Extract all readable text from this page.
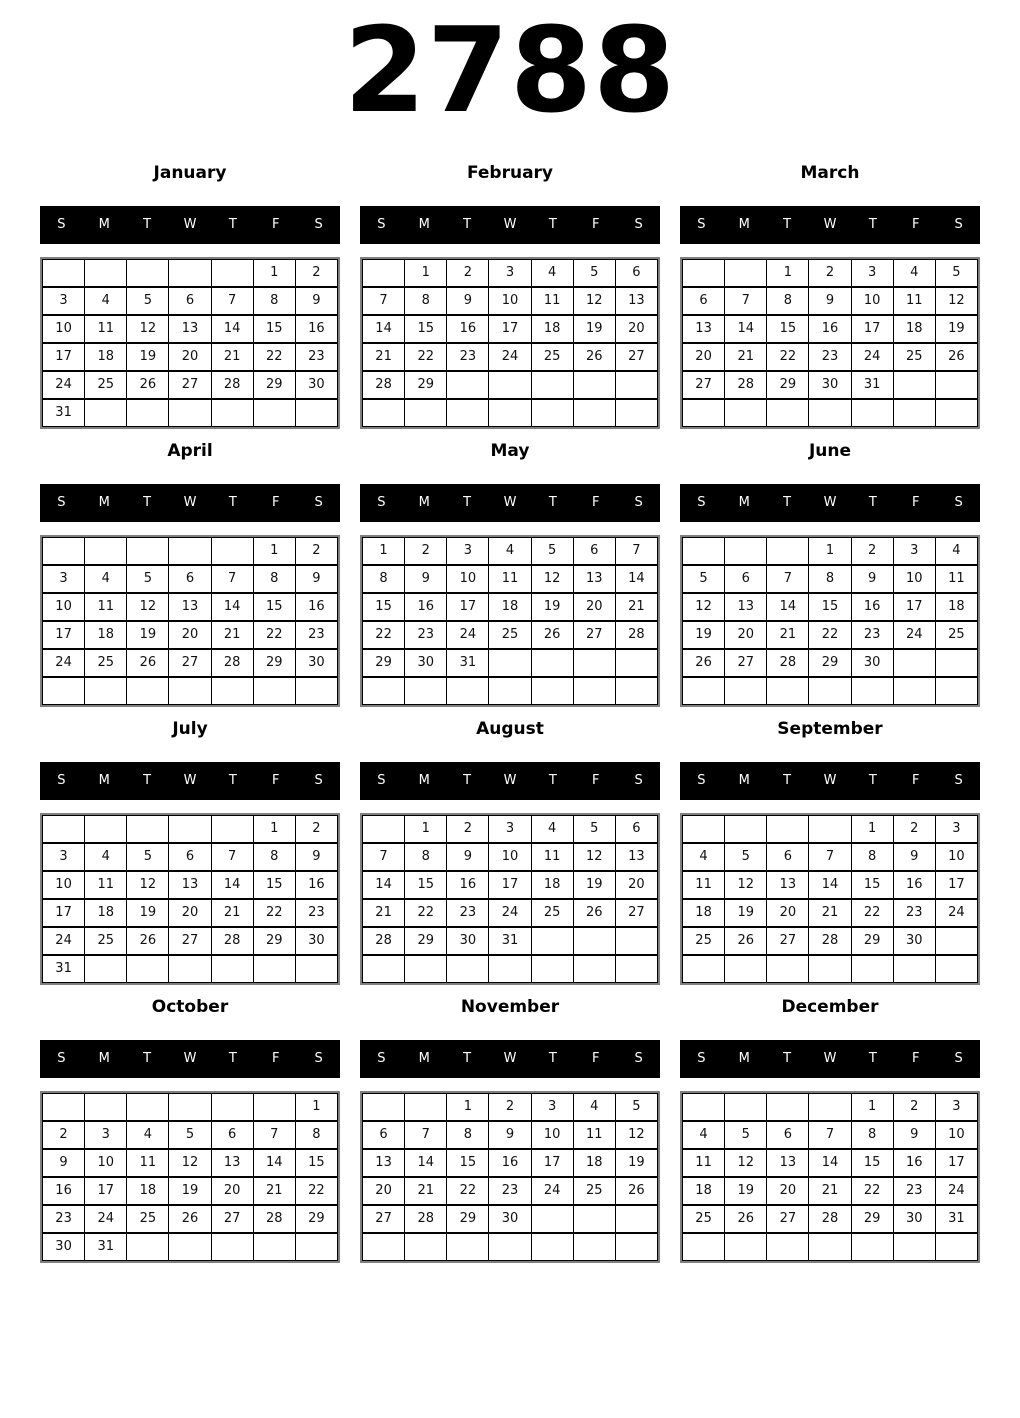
2788
January
S	M	T	W	T	F	S
					1	2
3	4	5	6	7	8	9
10	11	12	13	14	15	16
17	18	19	20	21	22	23
24	25	26	27	28	29	30
31						
February
S	M	T	W	T	F	S
	1	2	3	4	5	6
7	8	9	10	11	12	13
14	15	16	17	18	19	20
21	22	23	24	25	26	27
28	29					

March
S	M	T	W	T	F	S
		1	2	3	4	5
6	7	8	9	10	11	12
13	14	15	16	17	18	19
20	21	22	23	24	25	26
27	28	29	30	31		

April
S	M	T	W	T	F	S
					1	2
3	4	5	6	7	8	9
10	11	12	13	14	15	16
17	18	19	20	21	22	23
24	25	26	27	28	29	30

May
S	M	T	W	T	F	S
1	2	3	4	5	6	7
8	9	10	11	12	13	14
15	16	17	18	19	20	21
22	23	24	25	26	27	28
29	30	31				

June
S	M	T	W	T	F	S
			1	2	3	4
5	6	7	8	9	10	11
12	13	14	15	16	17	18
19	20	21	22	23	24	25
26	27	28	29	30		

July
S	M	T	W	T	F	S
					1	2
3	4	5	6	7	8	9
10	11	12	13	14	15	16
17	18	19	20	21	22	23
24	25	26	27	28	29	30
31						
August
S	M	T	W	T	F	S
	1	2	3	4	5	6
7	8	9	10	11	12	13
14	15	16	17	18	19	20
21	22	23	24	25	26	27
28	29	30	31			

September
S	M	T	W	T	F	S
				1	2	3
4	5	6	7	8	9	10
11	12	13	14	15	16	17
18	19	20	21	22	23	24
25	26	27	28	29	30	

October
S	M	T	W	T	F	S
						1
2	3	4	5	6	7	8
9	10	11	12	13	14	15
16	17	18	19	20	21	22
23	24	25	26	27	28	29
30	31					
November
S	M	T	W	T	F	S
		1	2	3	4	5
6	7	8	9	10	11	12
13	14	15	16	17	18	19
20	21	22	23	24	25	26
27	28	29	30			

December
S	M	T	W	T	F	S
				1	2	3
4	5	6	7	8	9	10
11	12	13	14	15	16	17
18	19	20	21	22	23	24
25	26	27	28	29	30	31
